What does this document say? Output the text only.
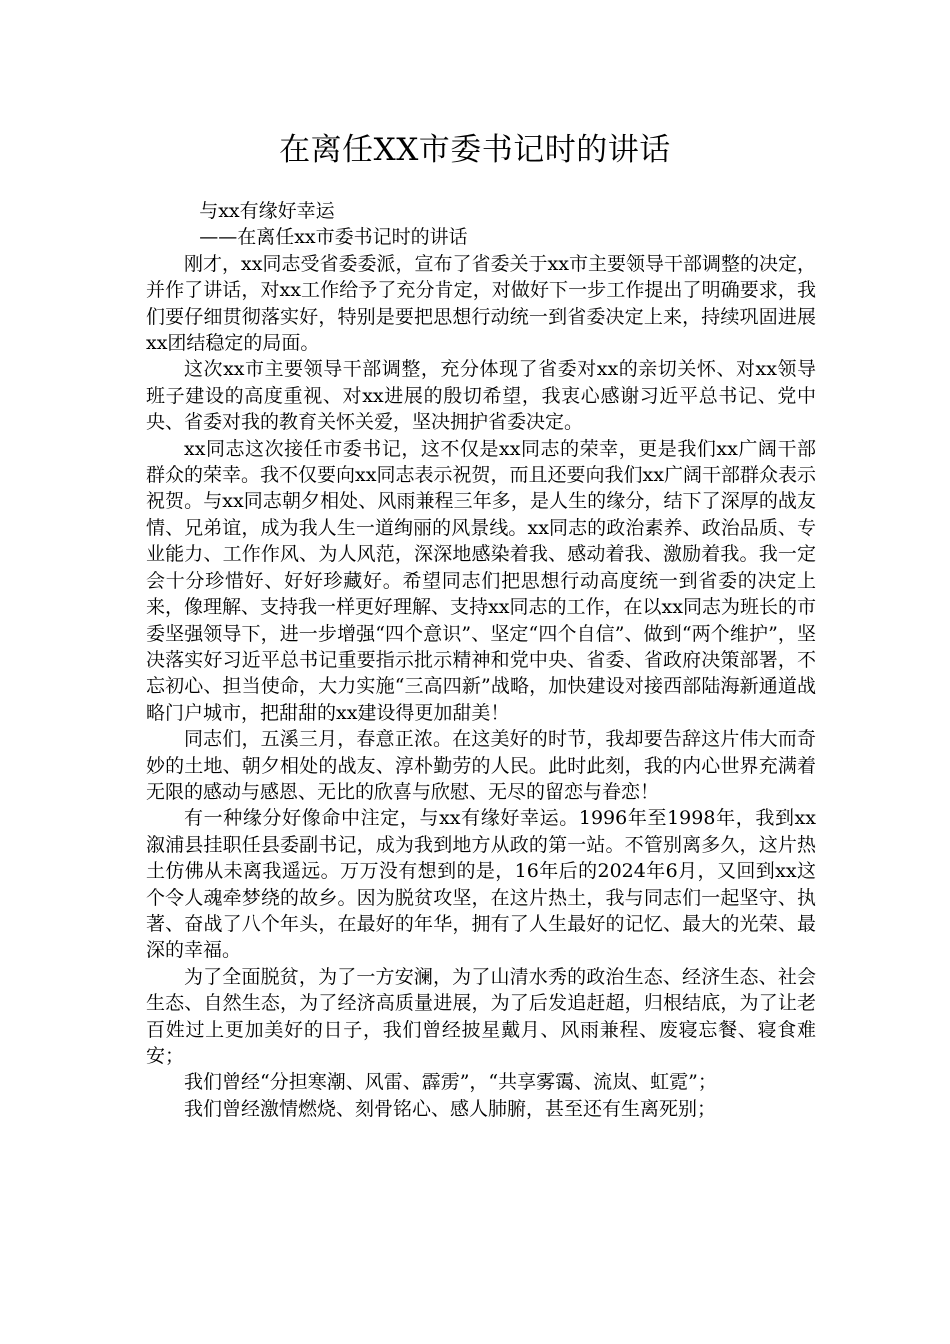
在离任XX市委书记时的讲话

与xx有缘好幸运

——在离任xx市委书记时的讲话

刚才，xx同志受省委委派，宣布了省委关于xx市主要领导干部调整的决定，并作了讲话，对xx工作给予了充分肯定，对做好下一步工作提出了明确要求，我们要仔细贯彻落实好，特别是要把思想行动统一到省委决定上来，持续巩固进展xx团结稳定的局面。

这次xx市主要领导干部调整，充分体现了省委对xx的亲切关怀、对xx领导班子建设的高度重视、对xx进展的殷切希望，我衷心感谢习近平总书记、党中央、省委对我的教育关怀关爱，坚决拥护省委决定。

xx同志这次接任市委书记，这不仅是xx同志的荣幸，更是我们xx广阔干部群众的荣幸。我不仅要向xx同志表示祝贺，而且还要向我们xx广阔干部群众表示祝贺。与xx同志朝夕相处、风雨兼程三年多，是人生的缘分，结下了深厚的战友情、兄弟谊，成为我人生一道绚丽的风景线。xx同志的政治素养、政治品质、专业能力、工作作风、为人风范，深深地感染着我、感动着我、激励着我。我一定会十分珍惜好、好好珍藏好。希望同志们把思想行动高度统一到省委的决定上来，像理解、支持我一样更好理解、支持xx同志的工作，在以xx同志为班长的市委坚强领导下，进一步增强“四个意识”、坚定“四个自信”、做到“两个维护”，坚决落实好习近平总书记重要指示批示精神和党中央、省委、省政府决策部署，不忘初心、担当使命，大力实施“三高四新”战略，加快建设对接西部陆海新通道战略门户城市，把甜甜的xx建设得更加甜美！

同志们，五溪三月，春意正浓。在这美好的时节，我却要告辞这片伟大而奇妙的土地、朝夕相处的战友、淳朴勤劳的人民。此时此刻，我的内心世界充满着无限的感动与感恩、无比的欣喜与欣慰、无尽的留恋与眷恋！

有一种缘分好像命中注定，与xx有缘好幸运。1996年至1998年，我到xx溆浦县挂职任县委副书记，成为我到地方从政的第一站。不管别离多久，这片热土仿佛从未离我遥远。万万没有想到的是，16年后的2024年6月，又回到xx这个令人魂牵梦绕的故乡。因为脱贫攻坚，在这片热土，我与同志们一起坚守、执著、奋战了八个年头，在最好的年华，拥有了人生最好的记忆、最大的光荣、最深的幸福。

为了全面脱贫，为了一方安澜，为了山清水秀的政治生态、经济生态、社会生态、自然生态，为了经济高质量进展，为了后发追赶超，归根结底，为了让老百姓过上更加美好的日子，我们曾经披星戴月、风雨兼程、废寝忘餐、寝食难安；

我们曾经“分担寒潮、风雷、霹雳”，“共享雾霭、流岚、虹霓”；

我们曾经激情燃烧、刻骨铭心、感人肺腑，甚至还有生离死别；
